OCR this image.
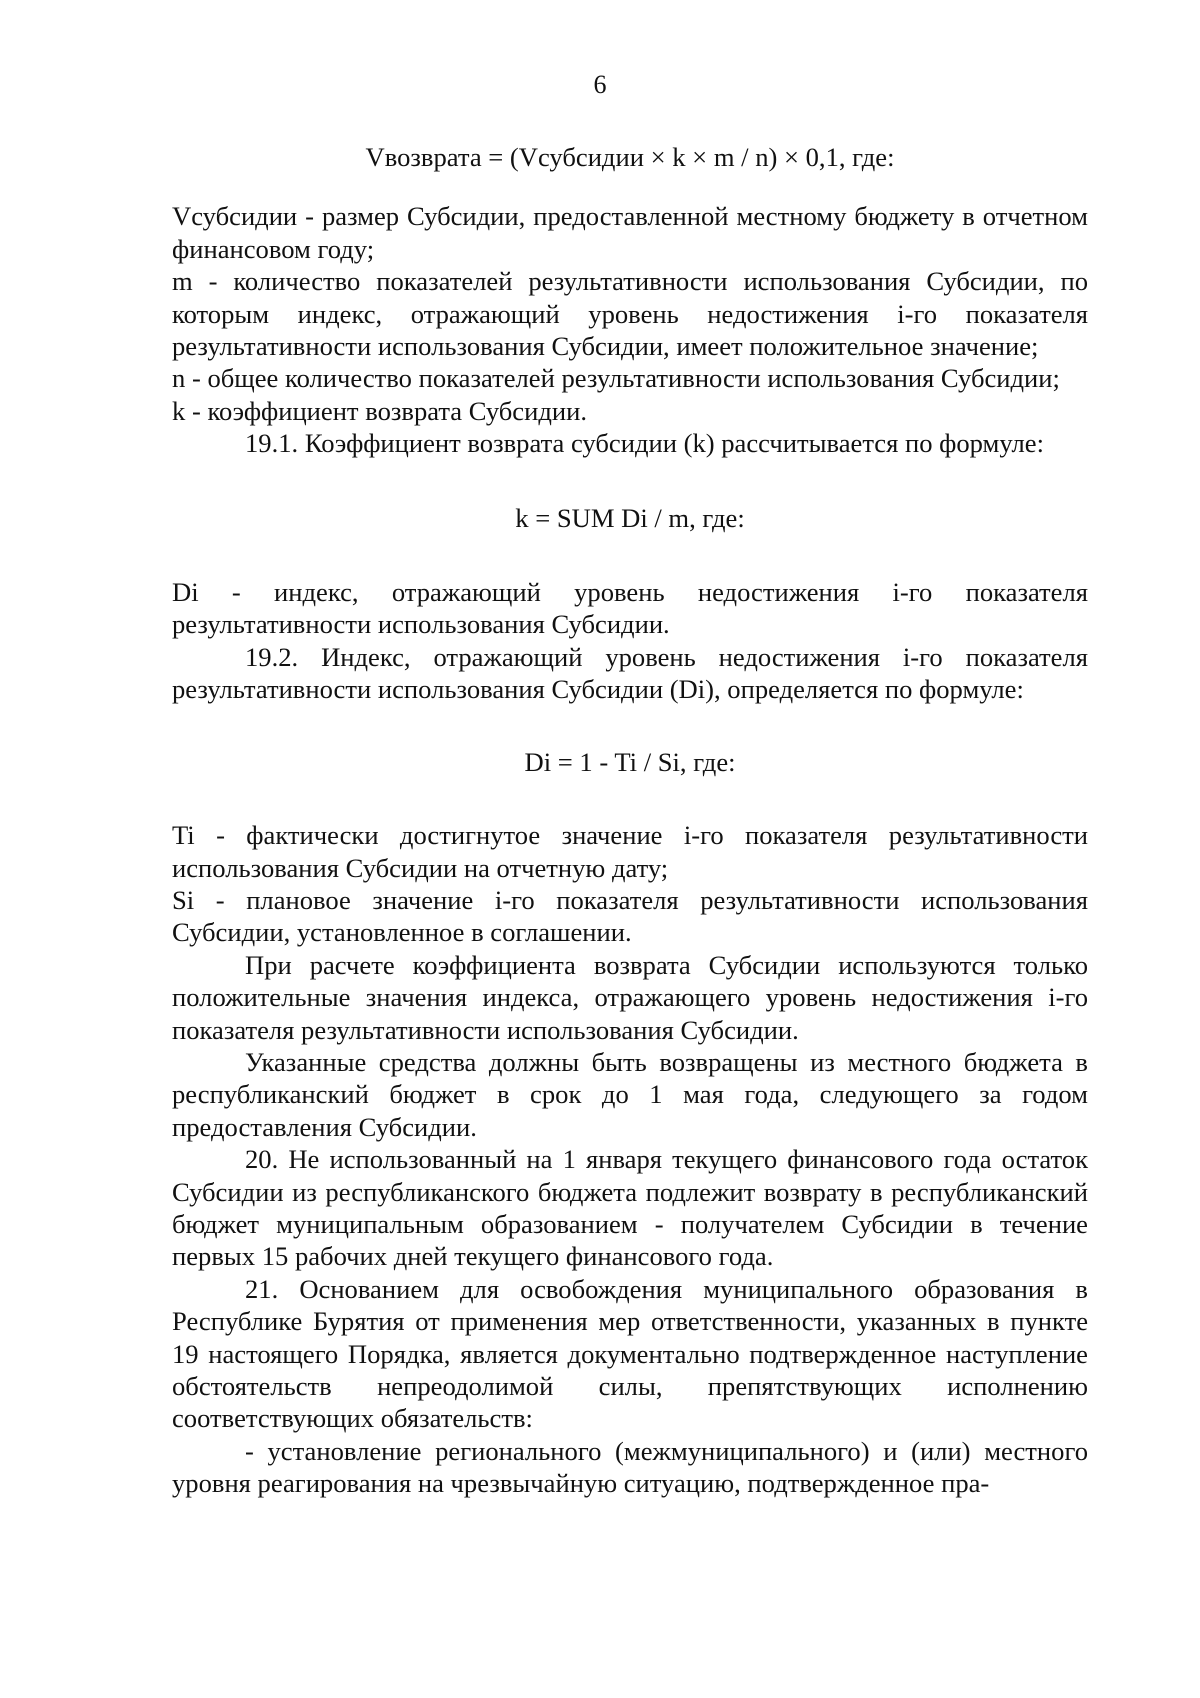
6

Vвозврата = (Vсубсидии × k × m / n) × 0,1, где:

Vсубсидии - размер Субсидии, предоставленной местному бюджету в отчетном финансовом году;

m - количество показателей результативности использования Субсидии, по которым индекс, отражающий уровень недостижения i-го показателя результативности использования Субсидии, имеет положительное значение;

n - общее количество показателей результативности использования Субсидии;

k - коэффициент возврата Субсидии.

19.1. Коэффициент возврата субсидии (k) рассчитывается по формуле:

k = SUM Di / m, где:

Di - индекс, отражающий уровень недостижения i-го показателя результативности использования Субсидии.

19.2. Индекс, отражающий уровень недостижения i-го показателя результативности использования Субсидии (Di), определяется по формуле:

Di = 1 - Ti / Si, где:

Ti - фактически достигнутое значение i-го показателя результативности использования Субсидии на отчетную дату;

Si - плановое значение i-го показателя результативности использования Субсидии, установленное в соглашении.

При расчете коэффициента возврата Субсидии используются только положительные значения индекса, отражающего уровень недостижения i-го показателя результативности использования Субсидии.

Указанные средства должны быть возвращены из местного бюджета в республиканский бюджет в срок до 1 мая года, следующего за годом предоставления Субсидии.

20. Не использованный на 1 января текущего финансового года остаток Субсидии из республиканского бюджета подлежит возврату в республиканский бюджет муниципальным образованием - получателем Субсидии в течение первых 15 рабочих дней текущего финансового года.

21. Основанием для освобождения муниципального образования в Республике Бурятия от применения мер ответственности, указанных в пункте 19 настоящего Порядка, является документально подтвержденное наступление обстоятельств непреодолимой силы, препятствующих исполнению соответствующих обязательств:

- установление регионального (межмуниципального) и (или) местного уровня реагирования на чрезвычайную ситуацию, подтвержденное пра-
